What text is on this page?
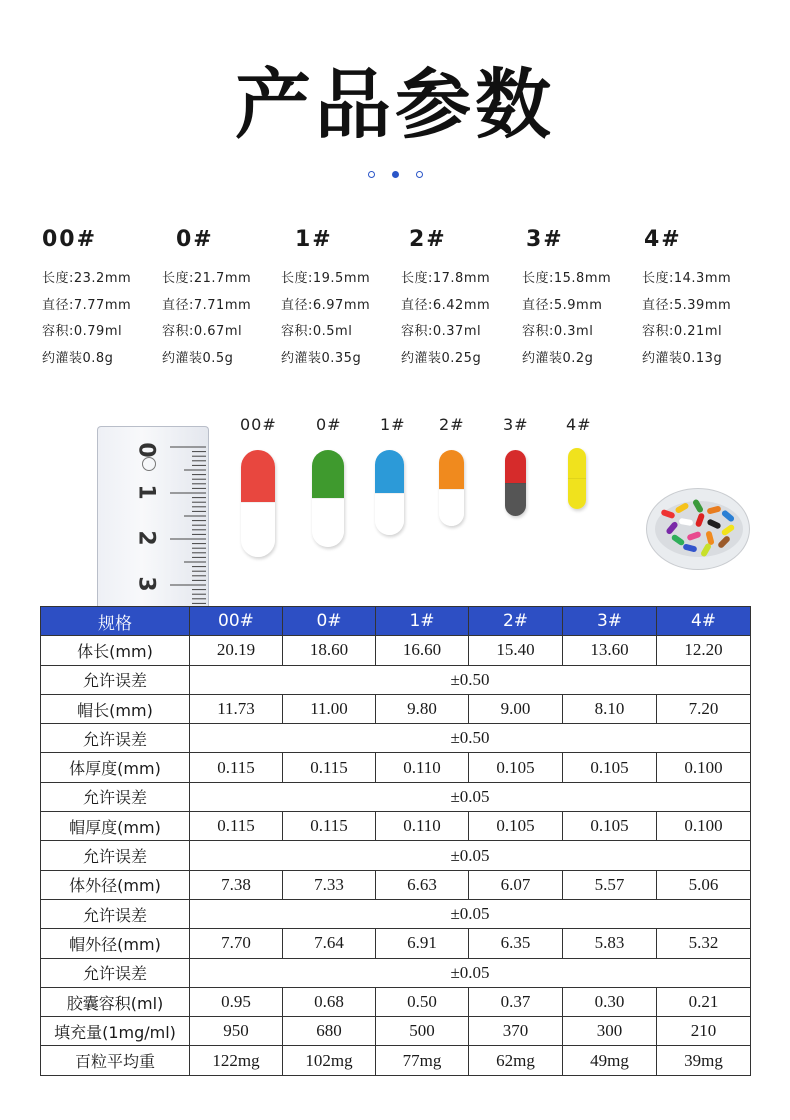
产品参数
00#
长度:23.2mm
直径:7.77mm
容积:0.79ml
约灌装0.8g
0#
长度:21.7mm
直径:7.71mm
容积:0.67ml
约灌装0.5g
1#
长度:19.5mm
直径:6.97mm
容积:0.5ml
约灌装0.35g
2#
长度:17.8mm
直径:6.42mm
容积:0.37ml
约灌装0.25g
3#
长度:15.8mm
直径:5.9mm
容积:0.3ml
约灌装0.2g
4#
长度:14.3mm
直径:5.39mm
容积:0.21ml
约灌装0.13g
0
1
2
3
00# 0# 1# 2# 3# 4#
规格	00#	0#	1#	2#	3#	4#
体长(mm)	20.19	18.60	16.60	15.40	13.60	12.20
允许误差	±0.50					
帽长(mm)	11.73	11.00	9.80	9.00	8.10	7.20
允许误差	±0.50					
体厚度(mm)	0.115	0.115	0.110	0.105	0.105	0.100
允许误差	±0.05					
帽厚度(mm)	0.115	0.115	0.110	0.105	0.105	0.100
允许误差	±0.05					
体外径(mm)	7.38	7.33	6.63	6.07	5.57	5.06
允许误差	±0.05					
帽外径(mm)	7.70	7.64	6.91	6.35	5.83	5.32
允许误差	±0.05					
胶囊容积(ml)	0.95	0.68	0.50	0.37	0.30	0.21
填充量(1mg/ml)	950	680	500	370	300	210
百粒平均重	122mg	102mg	77mg	62mg	49mg	39mg
